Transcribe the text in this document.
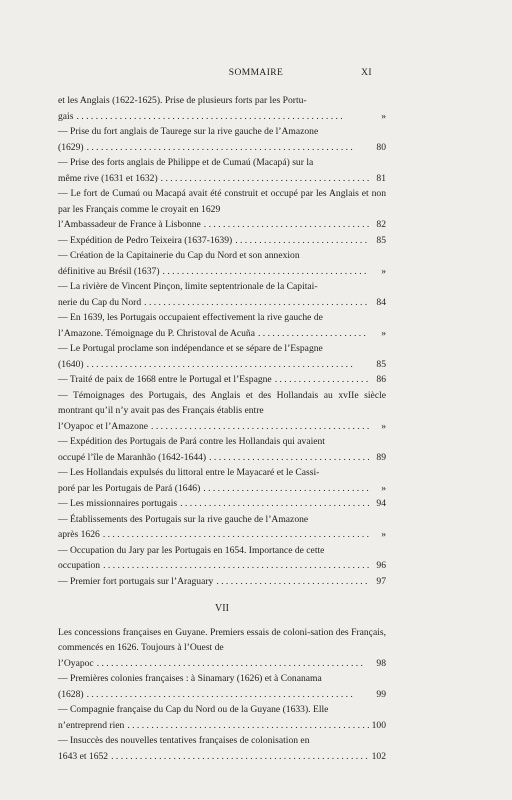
SOMMAIRE	XI
et les Anglais (1622-1625). Prise de plusieurs forts par les Portu-
gais . . .	»
— Prise du fort anglais de Taurege sur la rive gauche de l’Amazone
(1629) . . .	80
— Prise des forts anglais de Philippe et de Cumaú (Macapá) sur la
même rive (1631 et 1632) . . .	81
— Le fort de Cumaú ou Macapá avait été construit et occupé par les Anglais et non par les Français comme le croyait en 1629
l’Ambassadeur de France à Lisbonne . . .	82
— Expédition de Pedro Teixeira (1637-1639) . . .	85
— Création de la Capitainerie du Cap du Nord et son annexion
définitive au Brésil (1637) . . .	»
— La rivière de Vincent Pinçon, limite septentrionale de la Capitai-
nerie du Cap du Nord . . .	84
— En 1639, les Portugais occupaient effectivement la rive gauche de
l’Amazone. Témoignage du P. Christoval de Acuña . . .	»
— Le Portugal proclame son indépendance et se sépare de l’Espagne
(1640) . . .	85
— Traité de paix de 1668 entre le Portugal et l’Espagne . . .	86
— Témoignages des Portugais, des Anglais et des Hollandais au xvIIe siècle montrant qu’il n’y avait pas des Français établis entre
l’Oyapoc et l’Amazone . . .	»
— Expédition des Portugais de Pará contre les Hollandais qui avaient
occupé l’île de Maranhão (1642-1644) . . .	89
— Les Hollandais expulsés du littoral entre le Mayacaré et le Cassi-
poré par les Portugais de Pará (1646) . . .	»
— Les missionnaires portugais . . .	94
— Établissements des Portugais sur la rive gauche de l’Amazone
après 1626 . . .	»
— Occupation du Jary par les Portugais en 1654. Importance de cette
occupation . . .	96
— Premier fort portugais sur l’Araguary . . .	97
VII
Les concessions françaises en Guyane. Premiers essais de coloni-sation des Français, commencés en 1626. Toujours à l’Ouest de
l’Oyapoc . . .	98
— Premières colonies françaises : à Sinamary (1626) et à Conanama
(1628) . . .	99
— Compagnie française du Cap du Nord ou de la Guyane (1633). Elle
n’entreprend rien . . .	100
— Insuccès des nouvelles tentatives françaises de colonisation en
1643 et 1652 . . .	102
